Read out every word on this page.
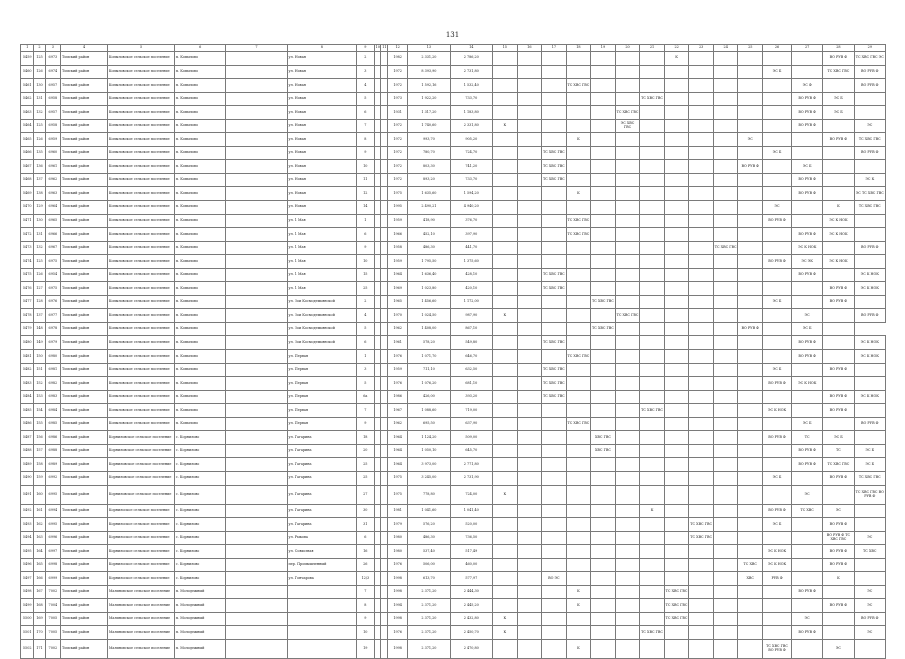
131
1	2	3	4	5	6	7	8	9	10	11	12	13	14	15	16	17	18	19	20	21	22	23	24	25	26	27	28	29
5459	125	6973	Томский район	Копыловское сельское поселение	п. Копылово		ул. Новая	2			1982	2 331,20	2 786,20								К						ВО РУВ Ф	ТС ХВС ГВС ЭС
5460	126	6974	Томский район	Копыловское сельское поселение	п. Копылово		ул. Новая	3			1972	8 393,90	2 731,80												ЭС Б		ТС ХВС ГВС	ВО РУВ Ф
5461	130	6957	Томский район	Копыловское сельское поселение	п. Копылово		ул. Новая	4			1972	1 592,16	1 532,40				ТС ХВС ГВС									ЭС Ф		ВО РУВ Ф
5462	131	6958	Томский район	Копыловское сельское поселение	п. Копылово		ул. Новая	5			1973	1 922,20	733,70							ТС ХВС ГВС						ВО РУВ Ф	ЭС Б	
5463	132	6957	Томский район	Копыловское сельское поселение	п. Копылово		ул. Новая	6			1931	1 317,20	1 183,80						ТС ХВС ГВС							ВО РУВ Ф	ЭС Б	
5464	125	6958	Томский район	Копыловское сельское поселение	п. Копылово		ул. Новая	7			1972	1 740,60	2 331,80	К					ЭС ХВС ГВС							ВО РУВ Ф		ЭС
5465	126	6959	Томский район	Копыловское сельское поселение	п. Копылово		ул. Новая	8			1972	993,70	905,20				К							ЭС			ВО РУВ Ф	ТС ХВС ГВС
5466	135	6960	Томский район	Копыловское сельское поселение	п. Копылово		ул. Новая	9			1972	780,70	724,70			ТС ХВС ГВС									ЭС Б			ВО РУВ Ф
5467	136	6961	Томский район	Копыловское сельское поселение	п. Копылово		ул. Новая	10			1972	803,30	741,20			ТС ХВС ГВС								ВО РУВ Ф		ЭС Б		
5468	137	6962	Томский район	Копыловское сельское поселение	п. Копылово		ул. Новая	11			1972	893,20	733,70			ТС ХВС ГВС										ВО РУВ Ф		ЭС К
5469	138	6963	Томский район	Копыловское сельское поселение	п. Копылово		ул. Новая	12			1975	1 635,60	1 594,20				К									ВО РУВ Ф		ЭС ТС ХВС ГВС
5470	129	6964	Томский район	Копыловское сельское поселение	п. Копылово		ул. Новая	14			1995	2 490,21	4 940,20												ЭС		К	ТС ХВС ГВС
5471	130	6965	Томский район	Копыловское сельское поселение	п. Копылово		ул. 1 Мая	1			1959	418,90	376,70				ТС ХВС ГВС								ВО РУВ Ф		ЭС К НОК	
5472	131	6966	Томский район	Копыловское сельское поселение	п. Копылово		ул. 1 Мая	6			1966	452,10	397,90				ТС ХВС ГВС									ВО РУВ Ф	ЭС К НОК	
5473	132	6967	Томский район	Копыловское сельское поселение	п. Копылово		ул. 1 Мая	9			1958	486,30	441,70										ТС ХВС ГВС			ЭС К НОК		ВО РУВ Ф
5474	125	6975	Томский район	Копыловское сельское поселение	п. Копылово		ул. 1 Мая	10			1959	1 795,50	1 375,60												ВО РУВ Ф	ЭС ЭК	ЭС К НОК	
5475	126	6954	Томский район	Копыловское сельское поселение	п. Копылово		ул. 1 Мая	15			1964	1 636,40	428,10			ТС ХВС ГВС										ВО РУВ Ф		ЭС К НОК
5476	127	6975	Томский район	Копыловское сельское поселение	п. Копылово		ул. 1 Мая	25			1969	1 023,80	420,10			ТС ХВС ГВС											ВО РУВ Ф	ЭС К НОК
5477	128	6976	Томский район	Копыловское сельское поселение	п. Копылово		ул. Зои Космодемьянской	2			1965	1 456,60	1 172,00					ТС ХВС ГВС							ЭС Б		ВО РУВ Ф	
5478	137	6977	Томский район	Копыловское сельское поселение	п. Копылово		ул. Зои Космодемьянской	4			1970	1 024,50	987,90	К					ТС ХВС ГВС							ЭС		ВО РУВ Ф
5479	148	6978	Томский район	Копыловское сельское поселение	п. Копылово		ул. Зои Космодемьянской	5			1962	1 408,00	867,10					ТС ХВС ГВС						ВО РУВ Ф		ЭС Б		
5480	149	6979	Томский район	Копыловское сельское поселение	п. Копылово		ул. Зои Космодемьянской	6			1961	578,20	549,80			ТС ХВС ГВС										ВО РУВ Ф		ЭС К НОК
5481	150	6980	Томский район	Копыловское сельское поселение	п. Копылово		ул. Первая	1			1976	1 071,70	646,70				ТС ХВС ГВС									ВО РУВ Ф		ЭС К НОК
5482	151	6981	Томский район	Копыловское сельское поселение	п. Копылово		ул. Первая	3			1959	711,10	632,50			ТС ХВС ГВС									ЭС Б		ВО РУВ Ф	
5483	152	6982	Томский район	Копыловское сельское поселение	п. Копылово		ул. Первая	5			1976	1 076,20	681,10			ТС ХВС ГВС									ВО РУВ Ф	ЭС К НОК		
5484	153	6983	Томский район	Копыловское сельское поселение	п. Копылово		ул. Первая	6а			1986	426,00	393,20			ТС ХВС ГВС											ВО РУВ Ф	ЭС К НОК
5485	154	6984	Томский район	Копыловское сельское поселение	п. Копылово		ул. Первая	7			1967	1 088,60	719,00							ТС ХВС ГВС					ЭС К НОК		ВО РУВ Ф	
5486	155	6985	Томский район	Копыловское сельское поселение	п. Копылово		ул. Первая	9			1962	695,50	637,90				ТС ХВС ГВС									ЭС Б		ВО РУВ Ф
5487	156	6986	Томский район	Корниловское сельское поселение	с. Корнилово		ул. Гагарина	18			1964	1 124,20	509,00					ХВС ГВС							ВО РУВ Ф	ТС	ЭС Б	
5488	157	6988	Томский район	Корниловское сельское поселение	с. Корнилово		ул. Гагарина	20			1964	1 050,10	645,70					ХВС ГВС								ВО РУВ Ф	ТС	ЭС Б
5489	158	6989	Томский район	Корниловское сельское поселение	с. Корнилово		ул. Гагарина	25			1964	3 973,00	2 771,80													ВО РУВ Ф	ТС ХВС ГВС	ЭС Б
5490	159	6992	Томский район	Корниловское сельское поселение	с. Корнилово		ул. Гагарина	25			1975	3 245,00	2 731,90												ЭС Б		ВО РУВ Ф	ТС ХВС ГВС
5491	160	6995	Томский район	Корниловское сельское поселение	с. Корнилово		ул. Гагарина	27			1975	778,80	724,00	К												ЭС		ТС ХВС ГВС ВО РУВ Ф
5492	161	6994	Томский район	Корнилоское сельское поселение	с. Корнилово		ул. Гагарина	30			1981	1 041,60	1 041,40							К					ВО РУВ Ф	ТС ХВС	ЭС	
5493	162	6995	Томский район	Корнилоское сельское поселение	с. Корнилово		ул. Гагарина	31			1979	576,20	520,00									ТС ХВС ГВС			ЭС Б		ВО РУВ Ф	
5494	163	6996	Томский район	Корнилоское сельское поселение	с. Корнилово		ул. Рыкова	6			1980	486,30	736,50									ТС ХВС ГВС					ВО РУВ Ф ТС ХВС ГВС	ЭС
5495	164	6997	Томский район	Корнилоское сельское поселение	с. Корнилово		ул. Совхозная	16			1980	537,40	517,49												ЭС К НОК		ВО РУВ Ф	ТС ХВС
5496	165	6998	Томский район	Корнилоское сельское поселение	с. Корнилово		пер. Промышленный	26			1976	506,00	460,00											ТС ХВС	ЭС К НОК		ВО РУВ Ф	
5497	166	6999	Томский район	Корнилоское сельское поселение	с. Корнилово		ул. Гончарова	12/3			1998	613,70	577,97			ВО ЭС								ХВС	РУВ Ф		К	
5498	167	7002	Томский район	Малиновское сельское поселение	п. Молодежный			7			1998	2 371,20	2 444,30				К				ТС ХВС ГВС					ВО РУВ Ф		ЭС
5499	168	7004	Томский район	Малиновское сельское поселение	п. Молодежный			8			1994	2 371,20	2 445,20				К				ТС ХВС ГВС						ВО РУВ Ф	ЭС
5500	169	7005	Томский район	Малиновское сельское поселение	п. Молодежный			9			1998	2 371,20	2 432,80	К							ТС ХВС ГВС					ЭС		ВО РУВ Ф
5501	170	7005	Томский район	Малиновское сельское поселение	п. Молодежный			10			1976	2 371,20	2 450,70	К						ТС ХВС ГВС						ВО РУВ Ф		ЭС
5502	171	7002	Томский район	Малиновское сельское поселение	п. Молодежный			19			1998	2 371,20	2 470,80				К								ТС ХВС ГВС ВО РУВ Ф		ЭС	
